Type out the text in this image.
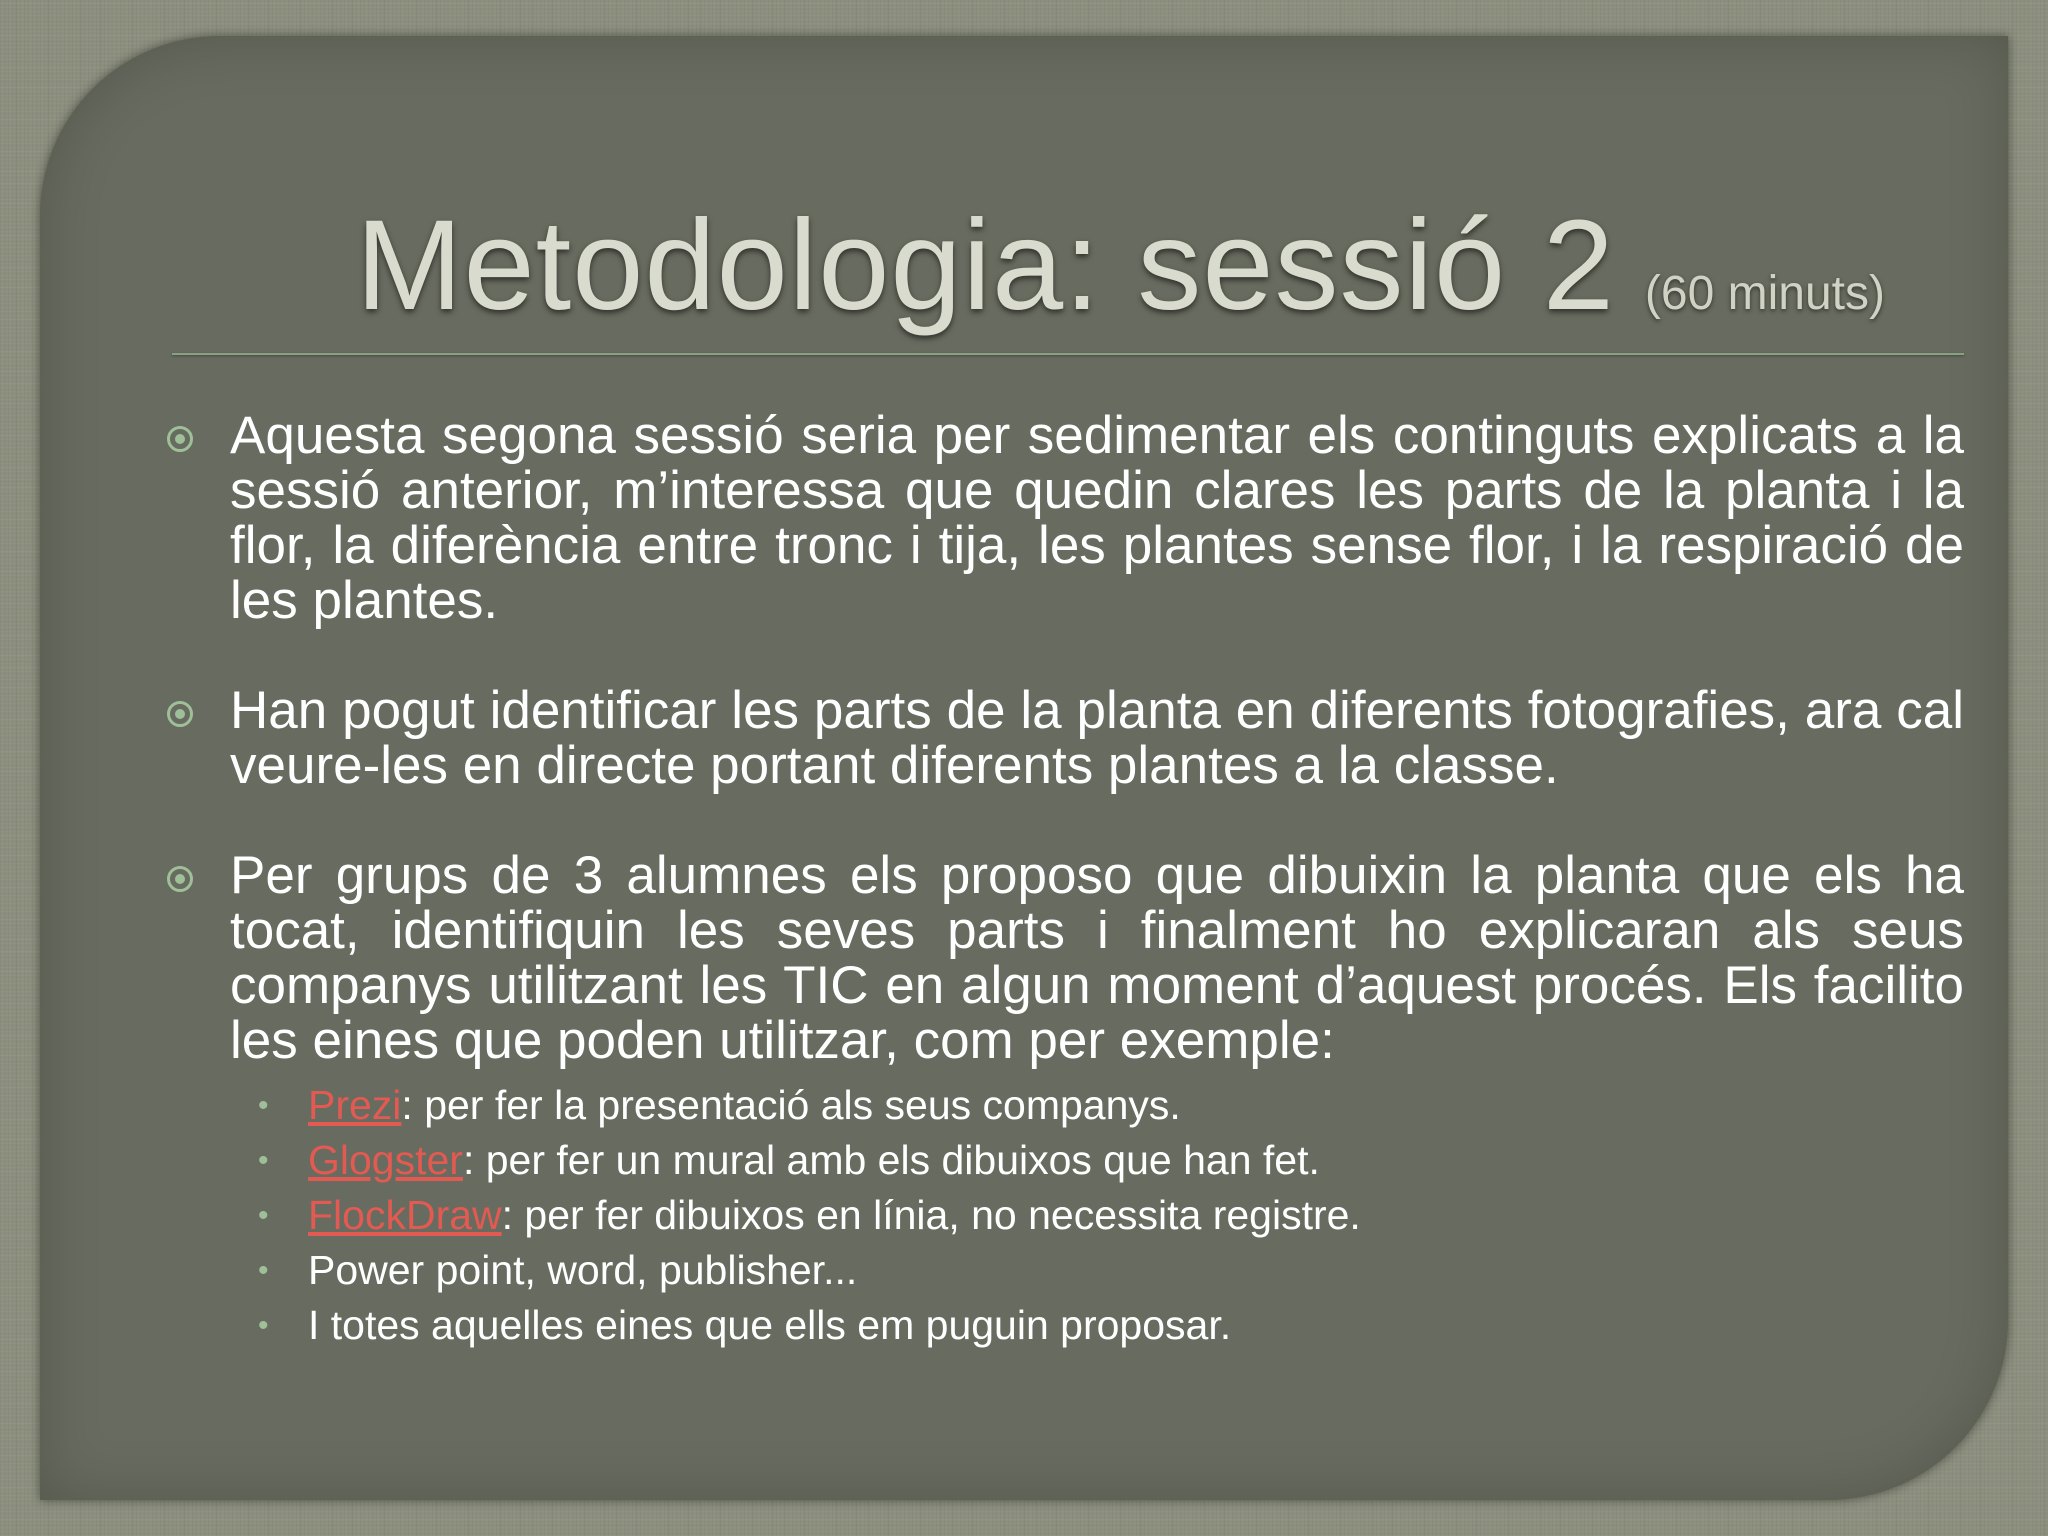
Metodologia: sessió 2 (60 minuts)
Aquesta segona sessió seria per sedimentar els continguts explicats a la sessió anterior, m’interessa que quedin clares les parts de la planta i la flor, la diferència entre tronc i tija, les plantes sense flor, i la respiració de les plantes.
Han pogut identificar les parts de la planta en diferents fotografies, ara cal veure-les en directe portant diferents plantes a la classe.
Per grups de 3 alumnes els proposo que dibuixin la planta que els ha tocat, identifiquin les seves parts i finalment ho explicaran als seus companys utilitzant les TIC en algun moment d’aquest procés. Els facilito les eines que poden utilitzar, com per exemple:
• Prezi: per fer la presentació als seus companys.
• Glogster: per fer un mural amb els dibuixos que han fet.
• FlockDraw: per fer dibuixos en línia, no necessita registre.
• Power point, word, publisher...
• I totes aquelles eines que ells em puguin proposar.
